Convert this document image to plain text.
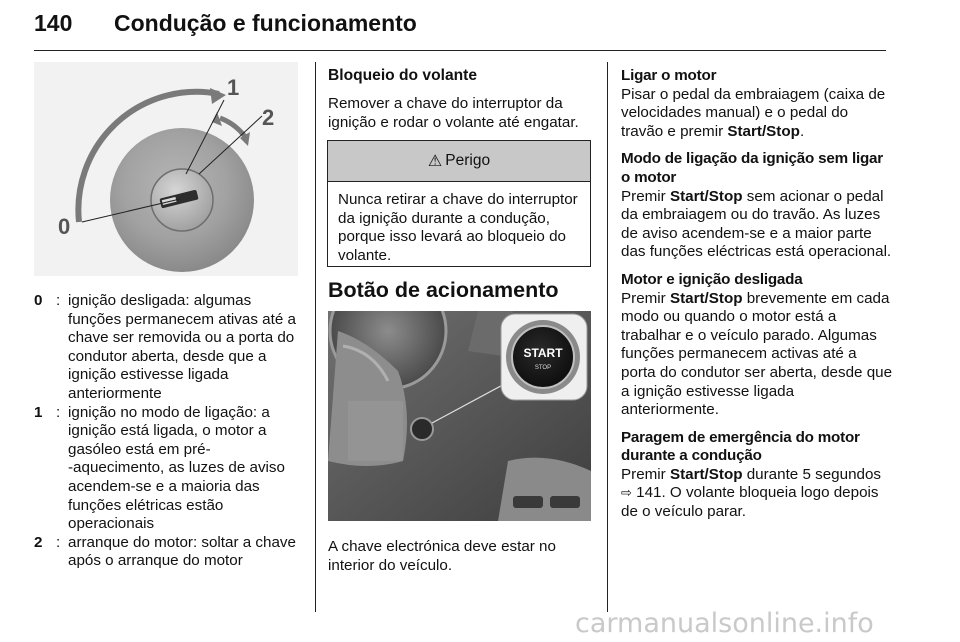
140 Condução e funcionamento
1
2
0
0 : ignição desligada: algumas funções permanecem ativas até a chave ser removida ou a porta do condutor aberta, desde que a ignição estivesse ligada anteriormente
1 : ignição no modo de ligação: a ignição está ligada, o motor a gasóleo está em pré-‑aquecimento, as luzes de aviso acendem-se e a maioria das funções elétricas estão operacionais
2 : arranque do motor: soltar a chave após o arranque do motor
Bloqueio do volante
Remover a chave do interruptor da ignição e rodar o volante até engatar.
⚠ Perigo
Nunca retirar a chave do interruptor da ignição durante a condução, porque isso levará ao bloqueio do volante.
Botão de acionamento
START
STOP
A chave electrónica deve estar no interior do veículo.

Ligar o motor

Pisar o pedal da embraiagem (caixa de velocidades manual) e o pedal do travão e premir Start/Stop.

Modo de ligação da ignição sem ligar o motor

Premir Start/Stop sem acionar o pedal da embraiagem ou do travão. As luzes de aviso acendem-se e a maior parte das funções eléctricas está operacional.

Motor e ignição desligada

Premir Start/Stop brevemente em cada modo ou quando o motor está a trabalhar e o veículo parado. Algumas funções permanecem activas até a porta do condutor ser aberta, desde que a ignição estivesse ligada anteriormente.

Paragem de emergência do motor durante a condução

Premir Start/Stop durante 5 segundos ⇨ 141. O volante bloqueia logo depois de o veículo parar.

carmanualsonline.info
